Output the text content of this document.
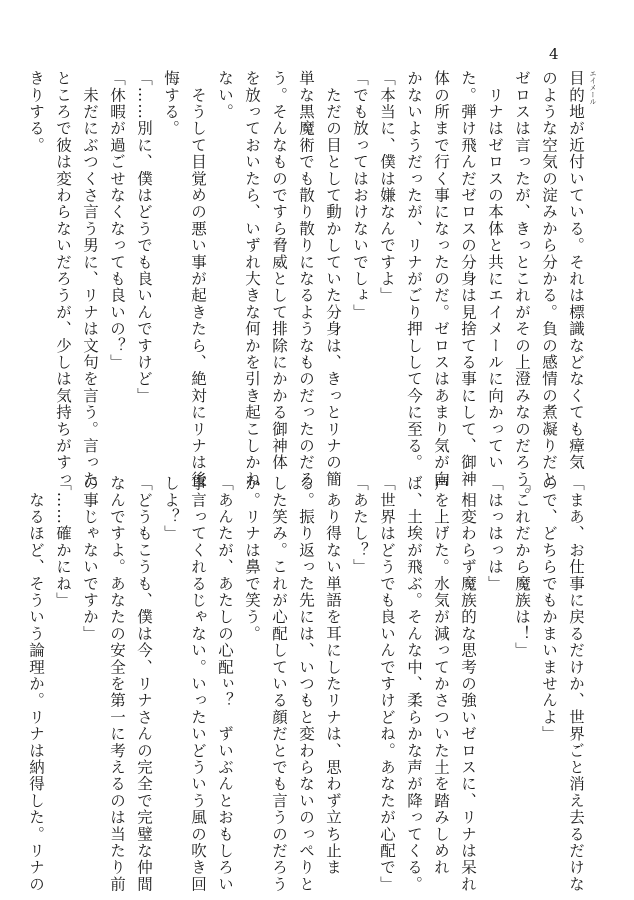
4
目的地 エイメール
が近付いている。それは標識などなくても瘴気
のような空気の淀みから分かる。負の感情の煮凝りだと
ゼロスは言ったが、きっとこれがその上澄みなのだろう。
　リナはゼロスの本体と共にエイメールに向かってい
た。弾け飛んだゼロスの分身は見捨てる事にして、御神
体の所まで行く事になったのだ。ゼロスはあまり気が向
かないようだったが、リナがごり押しして今に至る。
「本当に、僕は嫌なんですよ」
「でも放ってはおけないでしょ」
　ただの目として動かしていた分身は、きっとリナの簡
単な黒魔術でも散り散りになるようなものだったのだろ
う。そんなものですら脅威として排除にかかる御神体
を放っておいたら、いずれ大きな何かを引き起こしかね
ない。
　そうして目覚めの悪い事が起きたら、絶対にリナは後
悔する。
「……別に、僕はどうでも良いんですけど」
「休暇が過ごせなくなっても良いの？」
　未だにぶつくさ言う男に、リナは文句を言う。言った
ところで彼は変わらないだろうが、少しは気持ちがすっ
きりする。
「まあ、お仕事に戻るだけか、世界ごと消え去るだけな
ので、どちらでもかまいませんよ」
「これだから魔族は！」
「はっはっは」
　相変わらず魔族的な思考の強いゼロスに、リナは呆れ
声を上げた。水気が減ってかさついた土を踏みしめれ
ば、土埃が飛ぶ。そんな中、柔らかな声が降ってくる。
「世界はどうでも良いんですけどね。あなたが心配で」
「あたし？」
　あり得ない単語を耳にしたリナは、思わず立ち止ま
る。振り返った先には、いつもと変わらないのっぺりと
した笑み。これが心配している顔だとでも言うのだろう
か。リナは鼻で笑う。
「あんたが、あたしの心配ぃ？　ずいぶんとおもしろい
事言ってくれるじゃない。いったいどういう風の吹き回
しよ？」
「どうもこうも、僕は今、リナさんの完全で完璧な仲間
なんですよ。あなたの安全を第一に考えるのは当たり前
の事じゃないですか」
「……確かにね」
　なるほど、そういう論理か。リナは納得した。リナの
